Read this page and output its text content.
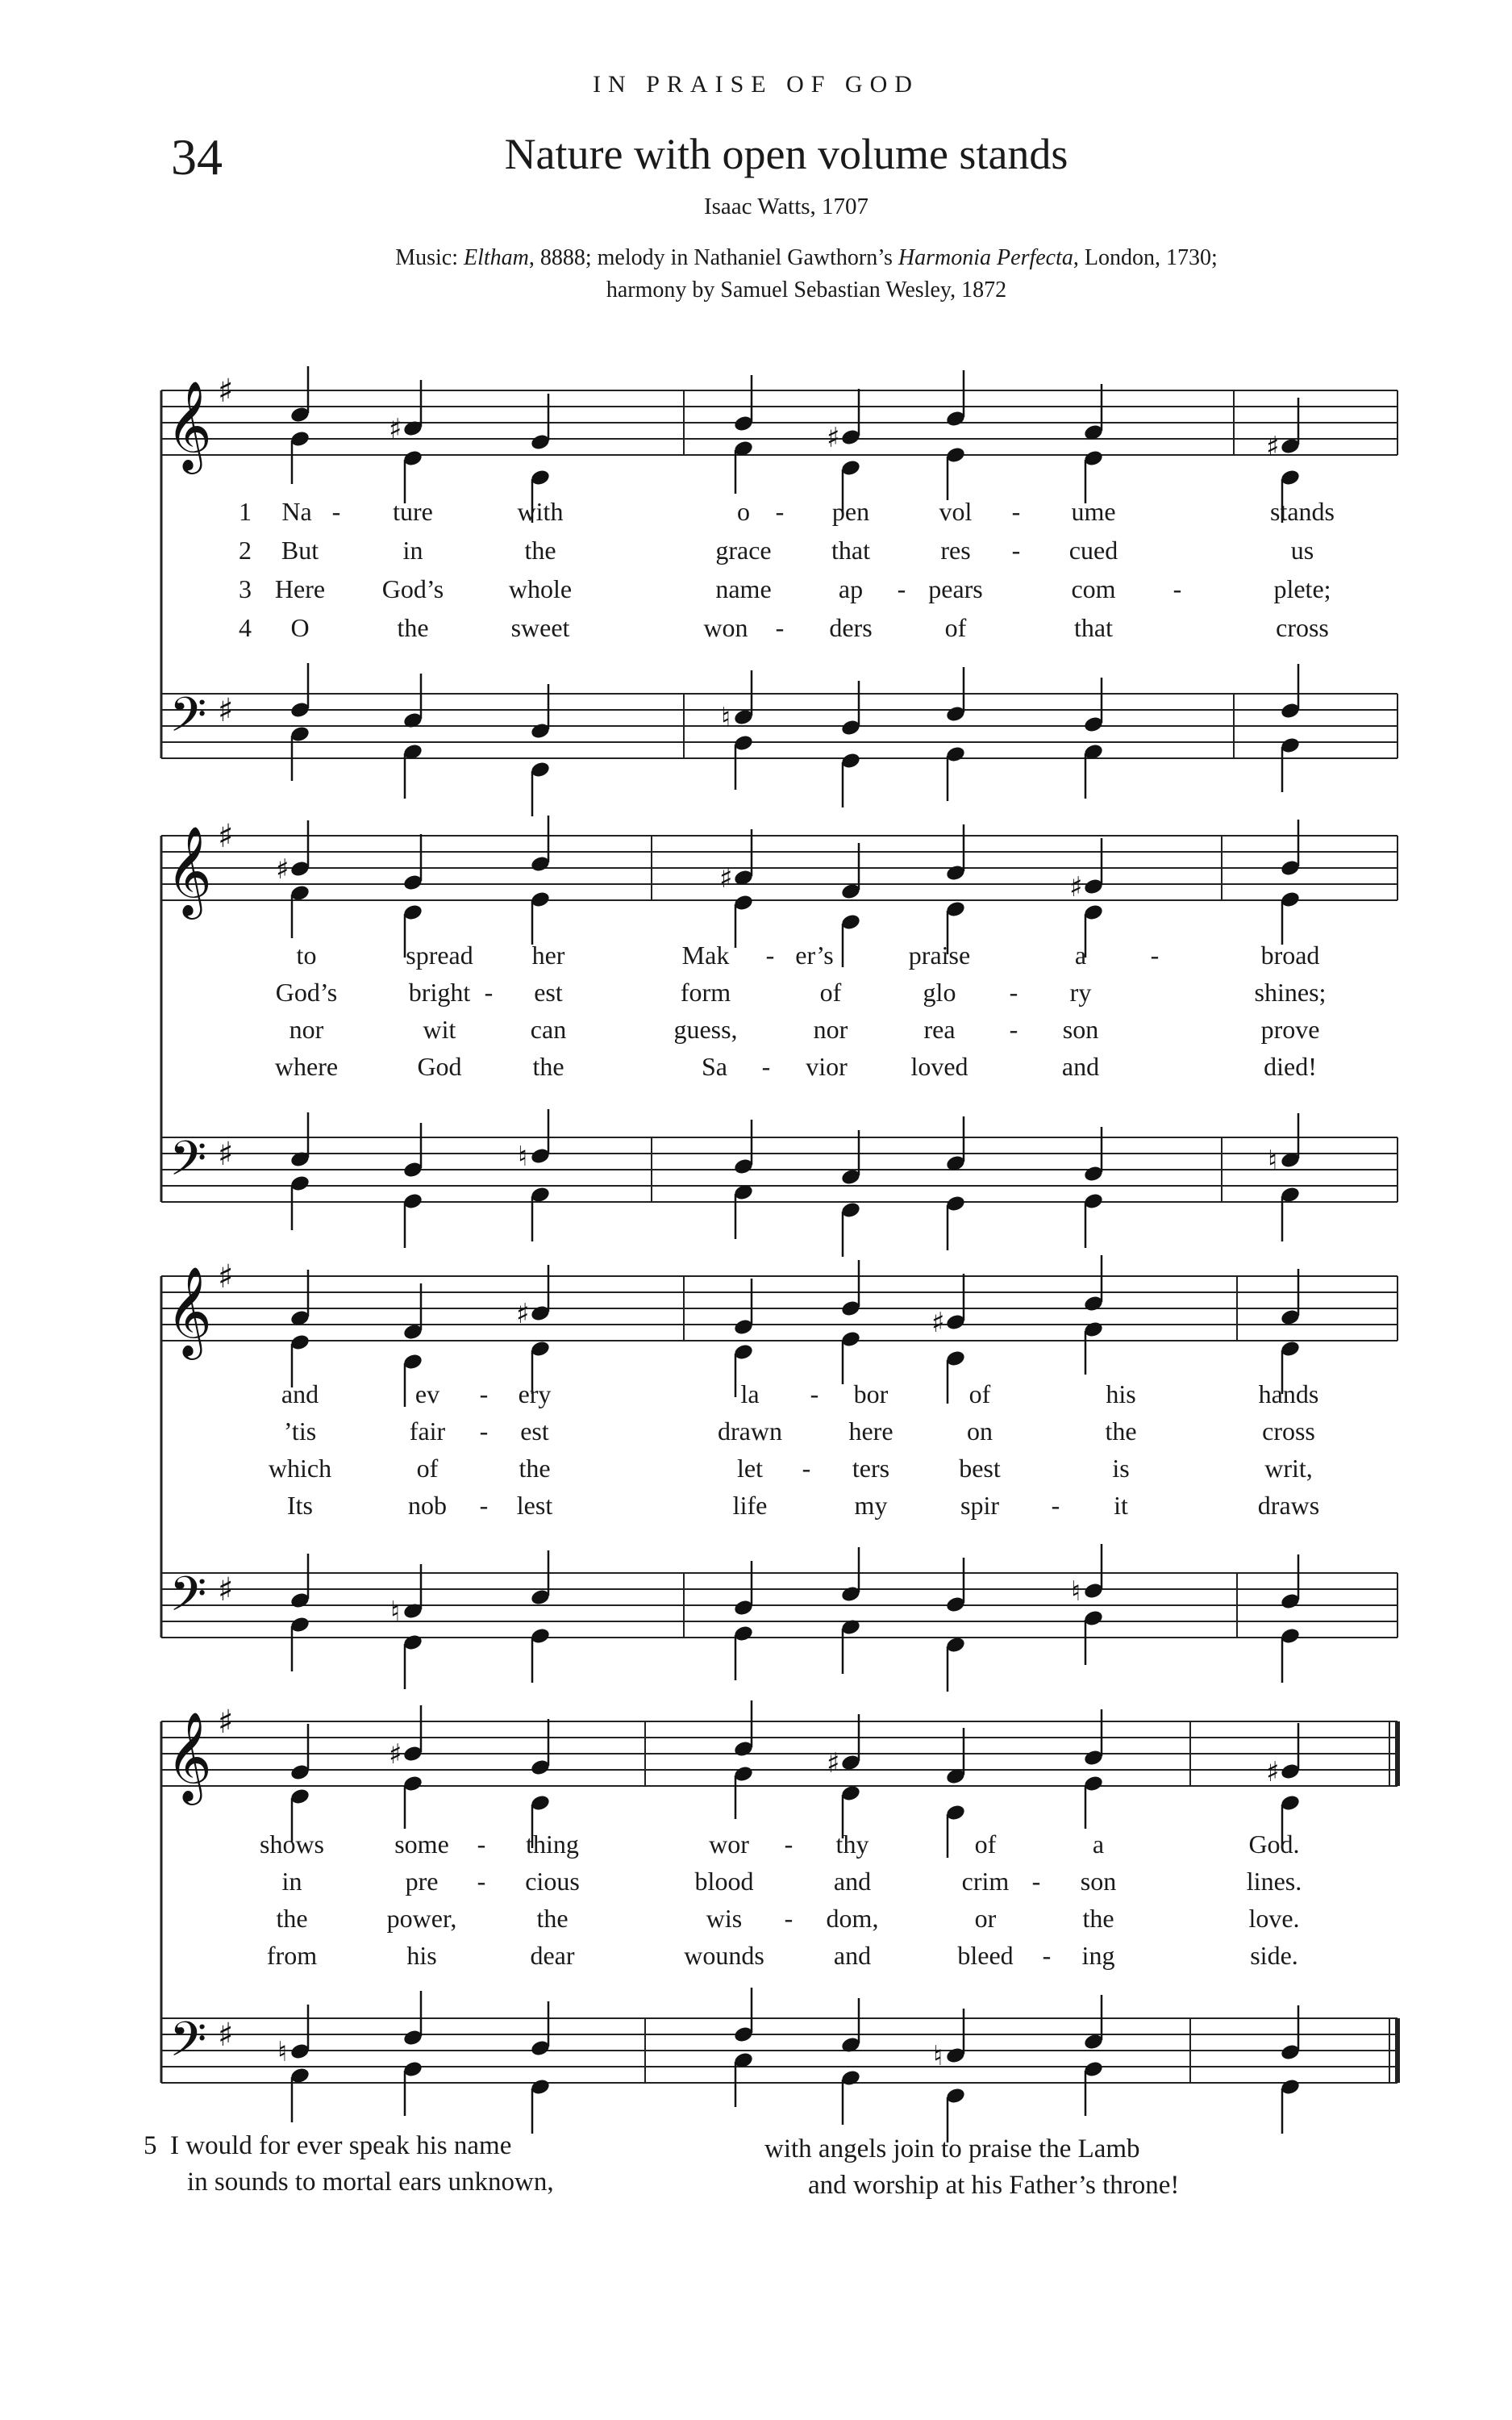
IN PRAISE OF GOD
34	Nature with open volume stands
Isaac Watts, 1707
Music: Eltham, 8888; melody in Nathaniel Gawthorn’s Harmonia Perfecta, London, 1730;
harmony by Samuel Sebastian Wesley, 1872
𝄞
𝄢
♯
♯
♯
♮
♯	♯
𝄞
𝄢
♯
♯
♯
♮
♯	♯
♮
𝄞
𝄢
♯
♯
♮
♯	♯
♮
𝄞
𝄢
♯
♯ ♮
♯	♯
♮
♯
Na - ture	with	o - pen	vol - ume	stands
But	in	the	grace that	res - cued	us
Here God’s	whole	name	ap - pears	com -	plete;
O	the	sweet	won - ders	of	that	cross
1
2
3
4
to	spread her	Mak - er’s	praise	a -	broad
God’s	bright - est	form	of	glo - ry	shines;
nor	wit	can	guess,	nor	rea - son	prove
where	God	the	Sa - vior loved	and	died!
and	ev - ery	la - bor	of	his	hands
’tis	fair - est	drawn	here	on	the	cross
which	of	the	let - ters	best	is	writ,
Its	nob - lest	life	my	spir - it	draws
shows	some - thing	wor - thy	of	a	God.
in	pre - cious	blood	and	crim - son	lines.
the	power,	the	wis - dom,	or	the	love.
from	his	dear	wounds	and	bleed - ing	side.
5 I would for ever speak his name
in sounds to mortal ears unknown,
with angels join to praise the Lamb
and worship at his Father’s throne!
